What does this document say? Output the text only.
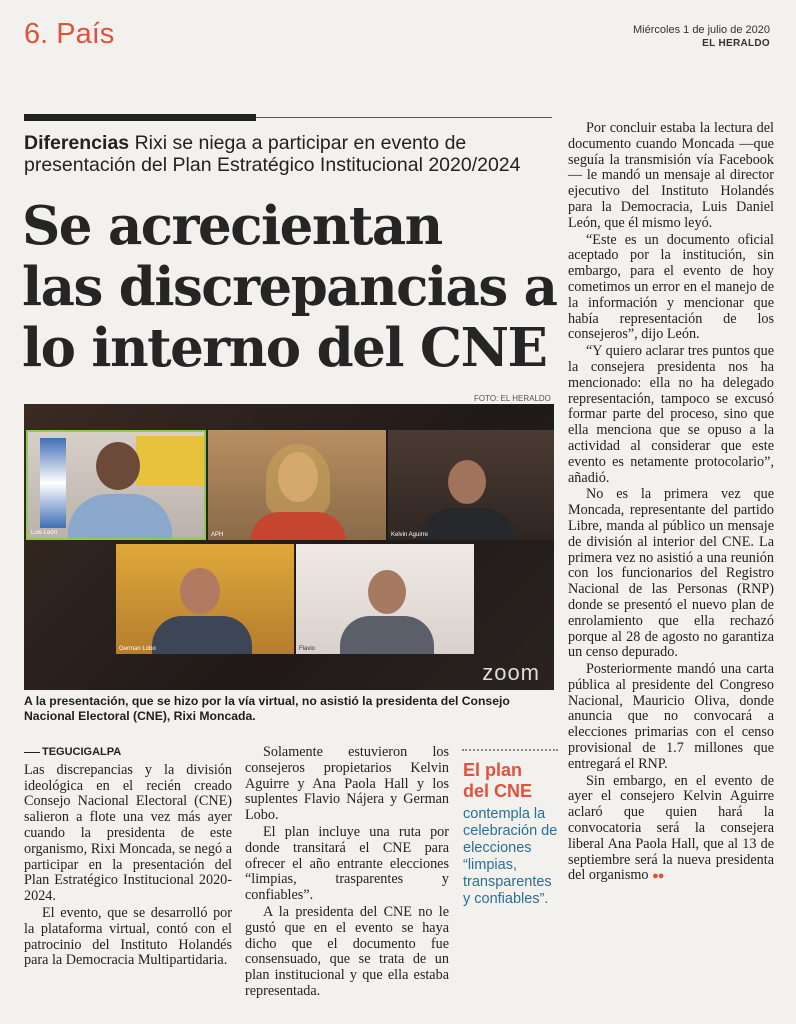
6. País	Miércoles 1 de julio de 2020
EL HERALDO
Diferencias Rixi se niega a participar en evento de presentación del Plan Estratégico Institucional 2020/2024
Se acrecientan
las discrepancias a
lo interno del CNE
FOTO: EL HERALDO
Luis León	APH	Kelvin Aguirre
German Lobo	Flavio
zoom
A la presentación, que se hizo por la vía virtual, no asistió la presidenta del Consejo Nacional Electoral (CNE), Rixi Moncada.

TEGUCIGALPA

Las discrepancias y la división ideológica en el recién creado Consejo Nacional Electoral (CNE) salieron a flote una vez más ayer cuando la presidenta de este organismo, Rixi Moncada, se negó a participar en la presentación del Plan Estratégico Institucional 2020-2024.

El evento, que se desarrolló por la plataforma virtual, contó con el patrocinio del Instituto Holandés para la Democracia Multipartidaria.

Solamente estuvieron los consejeros propietarios Kelvin Aguirre y Ana Paola Hall y los suplentes Flavio Nájera y German Lobo.

El plan incluye una ruta por donde transitará el CNE para ofrecer el año entrante elecciones “limpias, trasparentes y confiables”.

A la presidenta del CNE no le gustó que en el evento se haya dicho que el documento fue consensuado, que se trata de un plan institucional y que ella estaba representada.

El plan
del CNE
contempla la celebración de elecciones “limpias, transparentes y confiables”.

Por concluir estaba la lectura del documento cuando Moncada —que seguía la transmisión vía Facebook— le mandó un mensaje al director ejecutivo del Instituto Holandés para la Democracia, Luis Daniel León, que él mismo leyó.

“Este es un documento oficial aceptado por la institución, sin embargo, para el evento de hoy cometimos un error en el manejo de la información y mencionar que había representación de los consejeros”, dijo León.

“Y quiero aclarar tres puntos que la consejera presidenta nos ha mencionado: ella no ha delegado representación, tampoco se excusó formar parte del proceso, sino que ella menciona que se opuso a la actividad al considerar que este evento es netamente protocolario”, añadió.

No es la primera vez que Moncada, representante del partido Libre, manda al público un mensaje de división al interior del CNE. La primera vez no asistió a una reunión con los funcionarios del Registro Nacional de las Personas (RNP) donde se presentó el nuevo plan de enrolamiento que ella rechazó porque al 28 de agosto no garantiza un censo depurado.

Posteriormente mandó una carta pública al presidente del Congreso Nacional, Mauricio Oliva, donde anuncia que no convocará a elecciones primarias con el censo provisional de 1.7 millones que entregará el RNP.

Sin embargo, en el evento de ayer el consejero Kelvin Aguirre aclaró que quien hará la convocatoria será la consejera liberal Ana Paola Hall, que al 13 de septiembre será la nueva presidenta del organismo ●●
